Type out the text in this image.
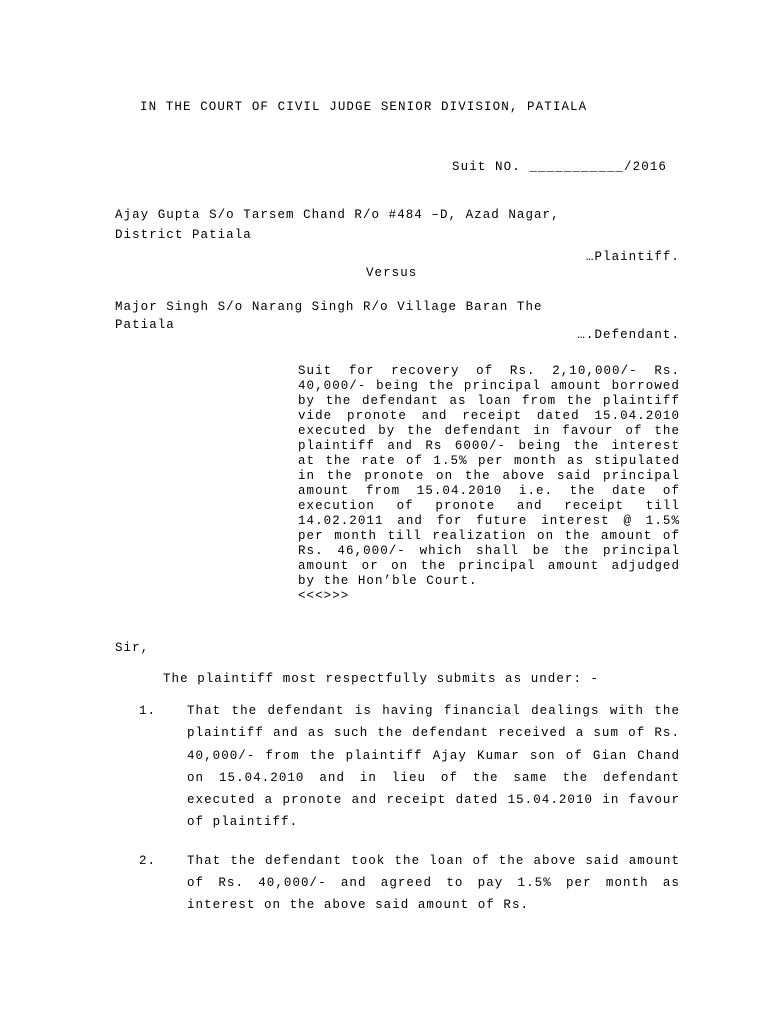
IN THE COURT OF CIVIL JUDGE SENIOR DIVISION, PATIALA
Suit NO. ___________/2016
Ajay Gupta S/o Tarsem Chand R/o #484 –D, Azad Nagar,
District Patiala
…Plaintiff.
Versus
Major Singh S/o Narang Singh R/o Village Baran The
Patiala
….Defendant.
Suit for recovery of Rs. 2,10,000/- Rs. 40,000/- being the principal amount borrowed by the defendant as loan from the plaintiff vide pronote and receipt dated 15.04.2010 executed by the defendant in favour of the plaintiff and Rs 6000/- being the interest at the rate of 1.5% per month as stipulated in the pronote on the above said principal amount from 15.04.2010 i.e. the date of execution of pronote and receipt till 14.02.2011 and for future interest @ 1.5% per month till realization on the amount of Rs. 46,000/- which shall be the principal amount or on the principal amount adjudged by the Hon’ble Court.
<<<>>>
Sir,
The plaintiff most respectfully submits as under: -
1.	That the defendant is having financial dealings with the plaintiff and as such the defendant received a sum of Rs. 40,000/- from the plaintiff Ajay Kumar son of Gian Chand on 15.04.2010 and in lieu of the same the defendant executed a pronote and receipt dated 15.04.2010 in favour of plaintiff.
2.	That the defendant took the loan of the above said amount of Rs. 40,000/- and agreed to pay 1.5% per month as interest on the above said amount of Rs.
